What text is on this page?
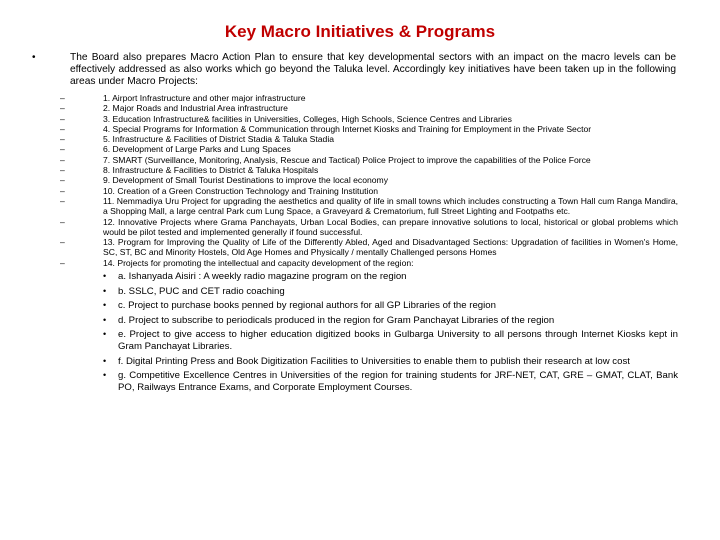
Key Macro Initiatives & Programs
•	The Board also prepares Macro Action Plan to ensure that key developmental sectors with an impact on the macro levels can be effectively addressed as also works which go beyond the Taluka level. Accordingly key initiatives have been taken up in the following areas under Macro Projects:
–	1. Airport Infrastructure and other major infrastructure
–	2. Major Roads and Industrial Area infrastructure
–	3. Education Infrastructure& facilities in Universities, Colleges, High Schools, Science Centres and Libraries
–	4. Special Programs for Information & Communication through Internet Kiosks and Training for Employment in the Private Sector
–	5. Infrastructure & Facilities of District Stadia & Taluka Stadia
–	6. Development of Large Parks and Lung Spaces
–	7. SMART (Surveillance, Monitoring, Analysis, Rescue and Tactical) Police Project to improve the capabilities of the Police Force
–	8. Infrastructure & Facilities to District & Taluka Hospitals
–	9. Development of Small Tourist Destinations to improve the local economy
–	10. Creation of a Green Construction Technology and Training Institution
–	11. Nemmadiya Uru Project for upgrading the aesthetics and quality of life in small towns which includes constructing a Town Hall cum Ranga Mandira, a Shopping Mall, a large central Park cum Lung Space, a Graveyard & Crematorium, full Street Lighting and Footpaths etc.
–	12. Innovative Projects where Grama Panchayats, Urban Local Bodies, can prepare innovative solutions to local, historical or global problems which would be pilot tested and implemented generally if found successful.
–	13. Program for Improving the Quality of Life of the Differently Abled, Aged and Disadvantaged Sections: Upgradation of facilities in Women's Home, SC, ST, BC and Minority Hostels, Old Age Homes and Physically / mentally Challenged persons Homes
–	14. Projects for promoting the intellectual and capacity development of the region:
• a. Ishanyada Aisiri : A weekly radio magazine program on the region
• b. SSLC, PUC and CET radio coaching
• c. Project to purchase books penned by regional authors for all GP Libraries of the region
• d. Project to subscribe to periodicals produced in the region for Gram Panchayat Libraries of the region
• e. Project to give access to higher education digitized books in Gulbarga University to all persons through Internet Kiosks kept in Gram Panchayat Libraries.
• f. Digital Printing Press and Book Digitization Facilities to Universities to enable them to publish their research at low cost
• g. Competitive Excellence Centres in Universities of the region for training students for JRF-NET, CAT, GRE – GMAT, CLAT, Bank PO, Railways Entrance Exams, and Corporate Employment Courses.
